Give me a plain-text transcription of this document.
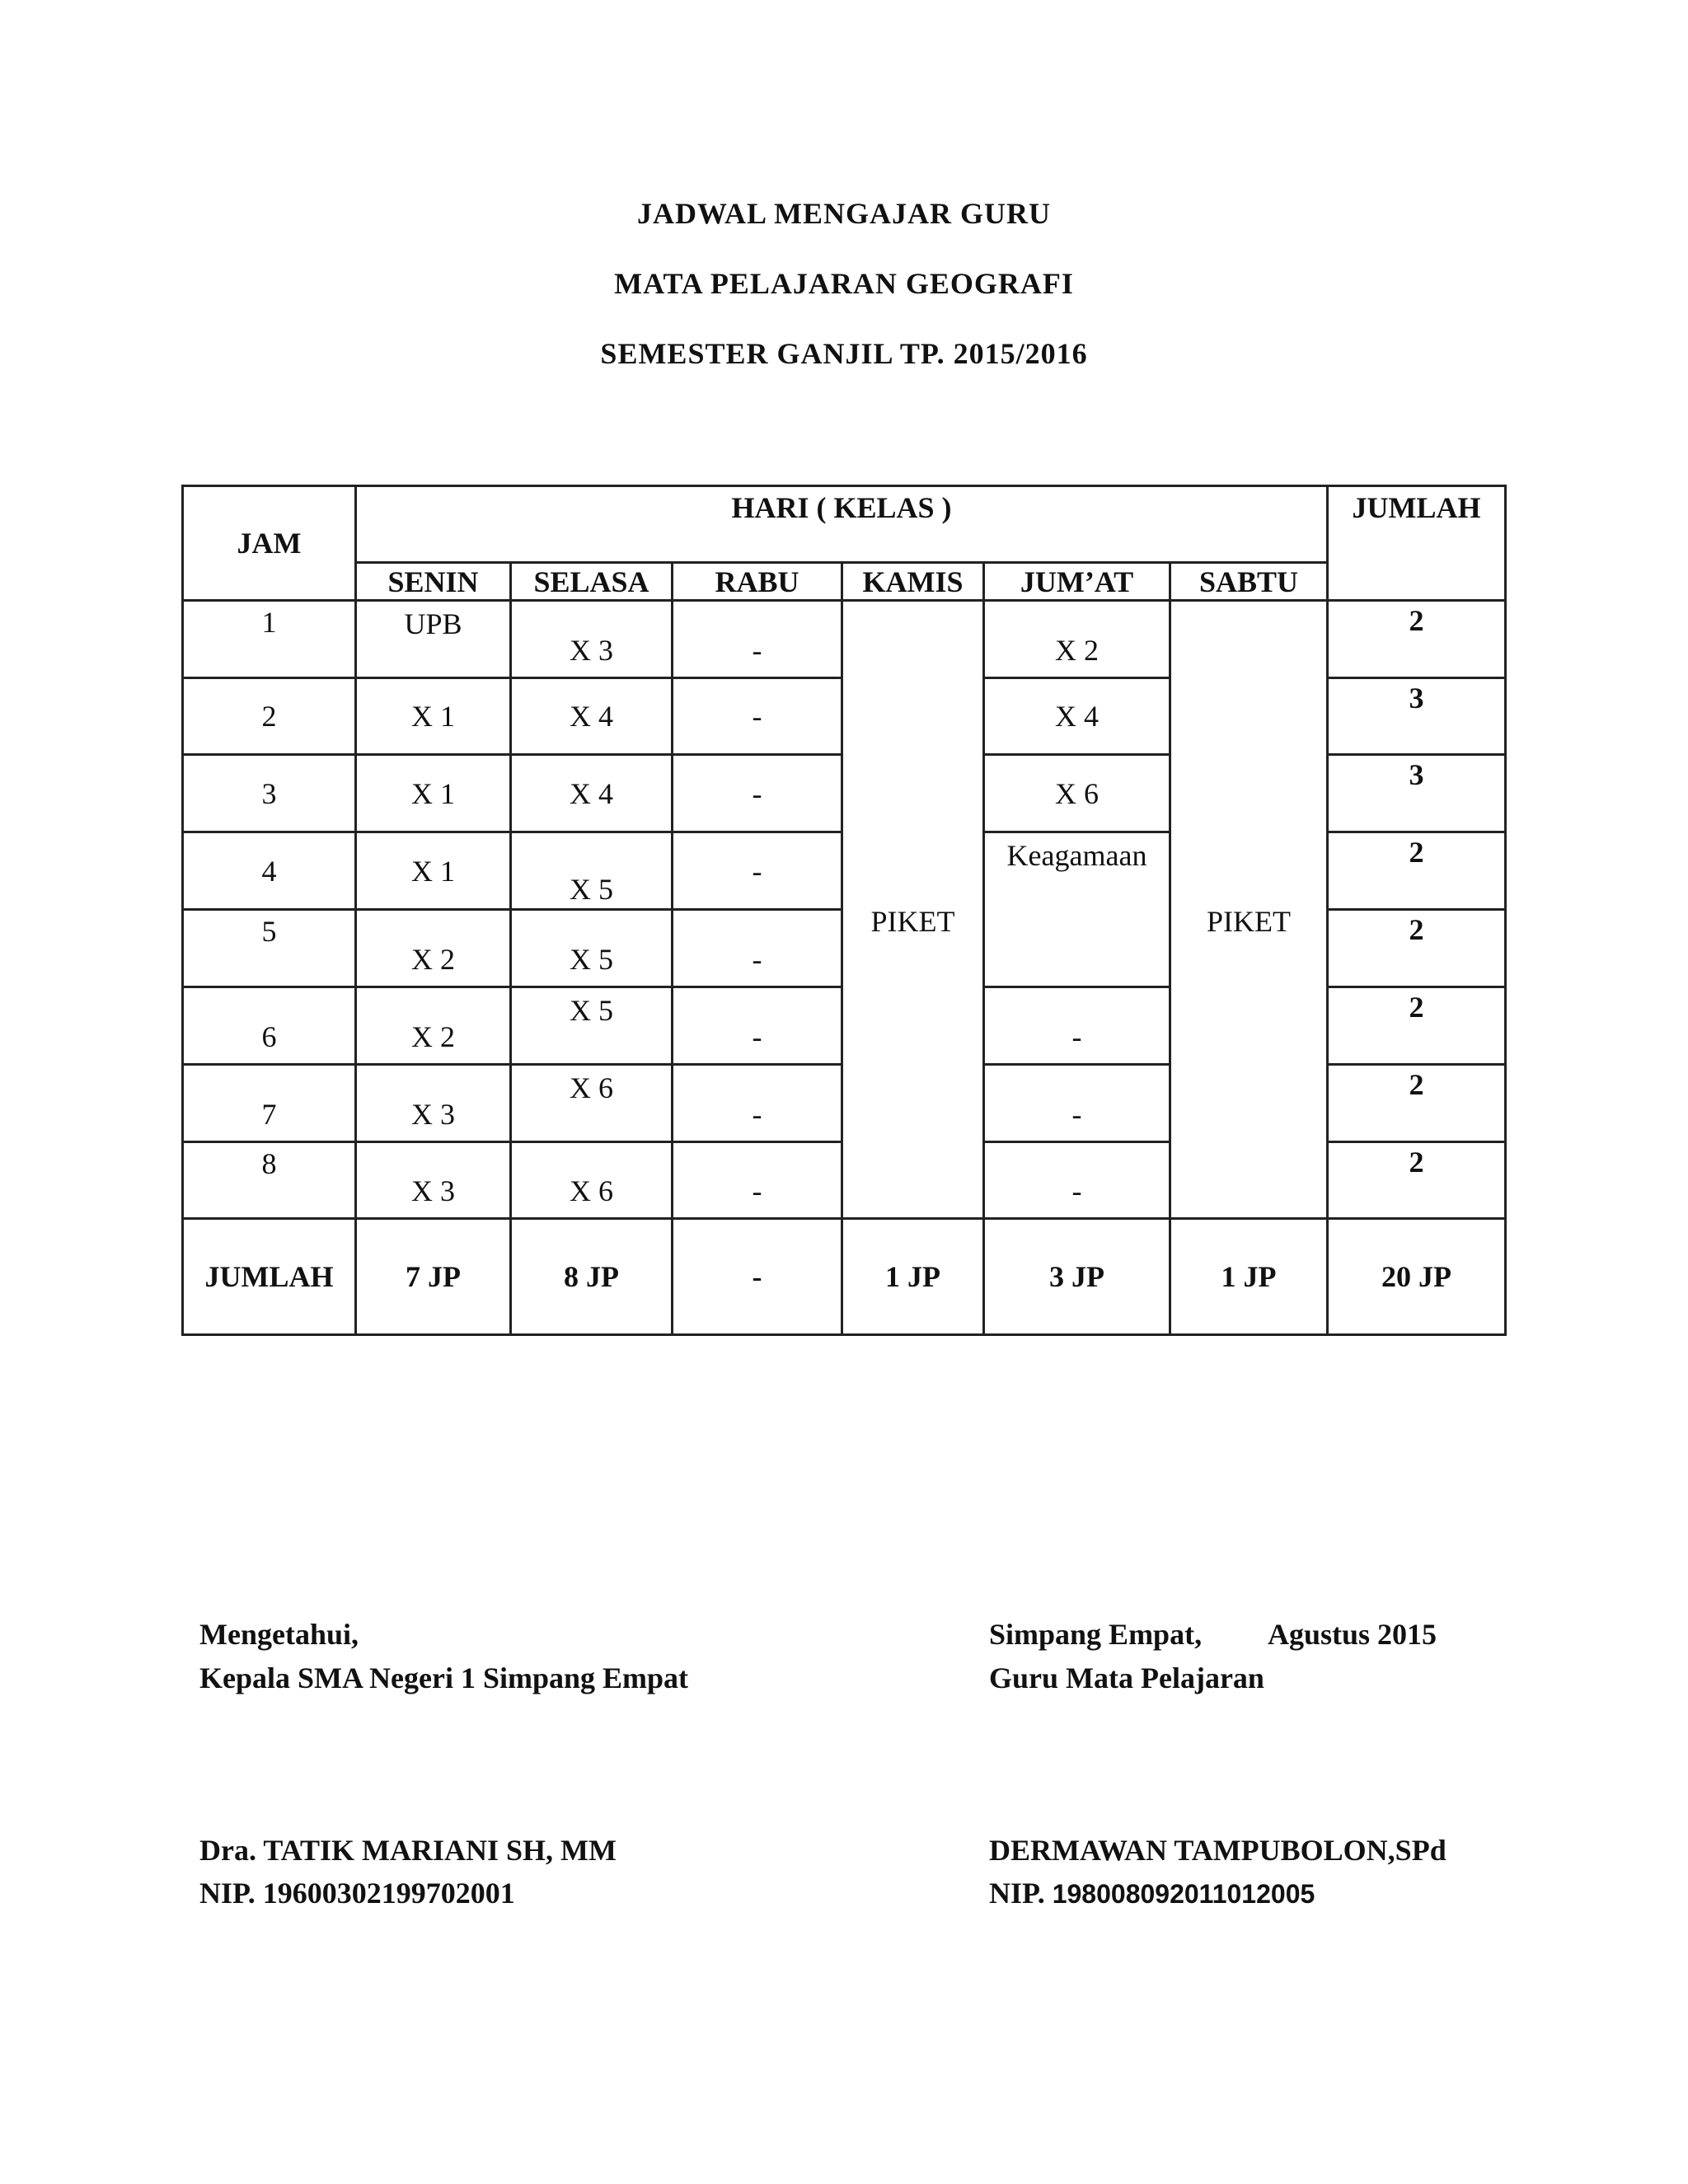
JADWAL MENGAJAR GURU
MATA PELAJARAN GEOGRAFI
SEMESTER GANJIL TP. 2015/2016
JAM	HARI ( KELAS )						JUMLAH
	SENIN	SELASA	RABU	KAMIS	JUM’AT	SABTU	
1	UPB	X 3	-	PIKET	X 2	PIKET	2
2	X 1	X 4	-		X 4		3
3	X 1	X 4	-		X 6		3
4	X 1	X 5	-		Keagamaan		2
5	X 2	X 5	-				2
6	X 2	X 5	-		-		2
7	X 3	X 6	-		-		2
8	X 3	X 6	-		-		2
JUMLAH	7 JP	8 JP	-	1 JP	3 JP	1 JP	20 JP
Mengetahui,
Kepala SMA Negeri 1 Simpang Empat
Dra. TATIK MARIANI SH, MM
NIP. 19600302199702001
Simpang Empat, Agustus 2015
Guru Mata Pelajaran
DERMAWAN TAMPUBOLON,SPd
NIP. 198008092011012005
